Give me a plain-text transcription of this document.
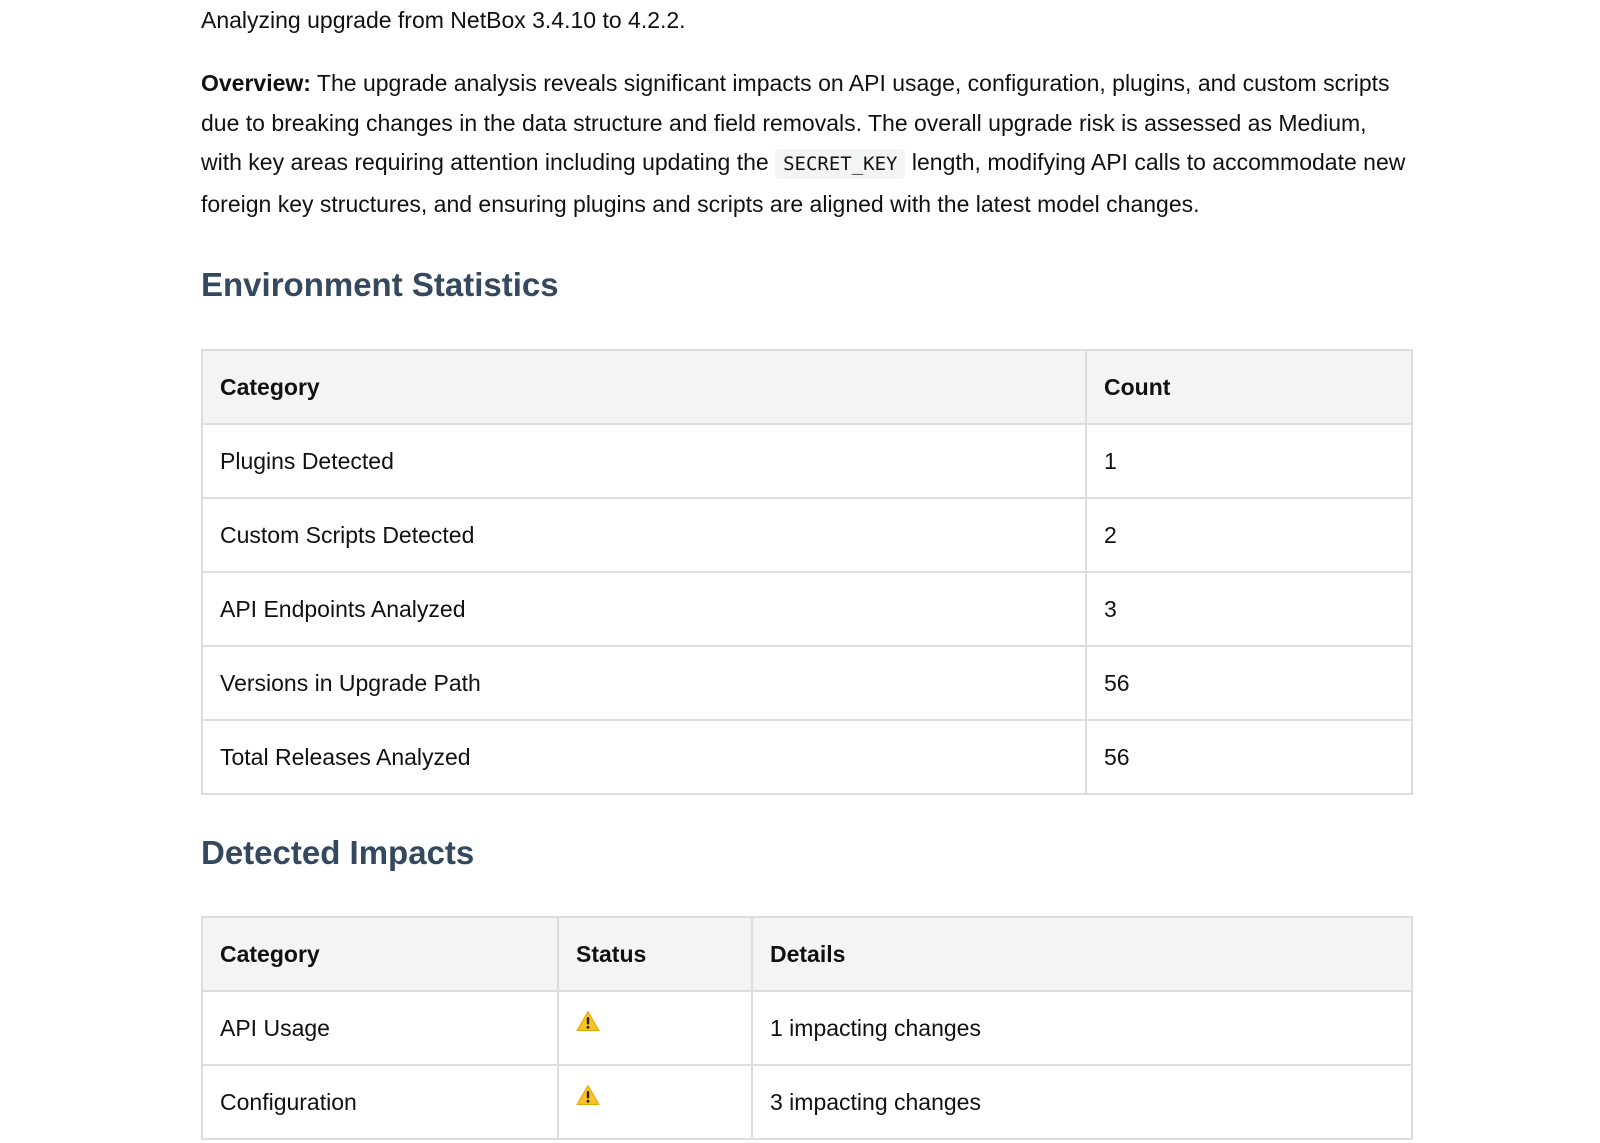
Analyzing upgrade from NetBox 3.4.10 to 4.2.2.

Overview: The upgrade analysis reveals significant impacts on API usage, configuration, plugins, and custom scripts due to breaking changes in the data structure and field removals. The overall upgrade risk is assessed as Medium, with key areas requiring attention including updating the SECRET_KEY length, modifying API calls to accommodate new foreign key structures, and ensuring plugins and scripts are aligned with the latest model changes.

Environment Statistics
Category	Count
Plugins Detected	1
Custom Scripts Detected	2
API Endpoints Analyzed	3
Versions in Upgrade Path	56
Total Releases Analyzed	56
Detected Impacts
Category	Status	Details
API Usage		1 impacting changes
Configuration		3 impacting changes
